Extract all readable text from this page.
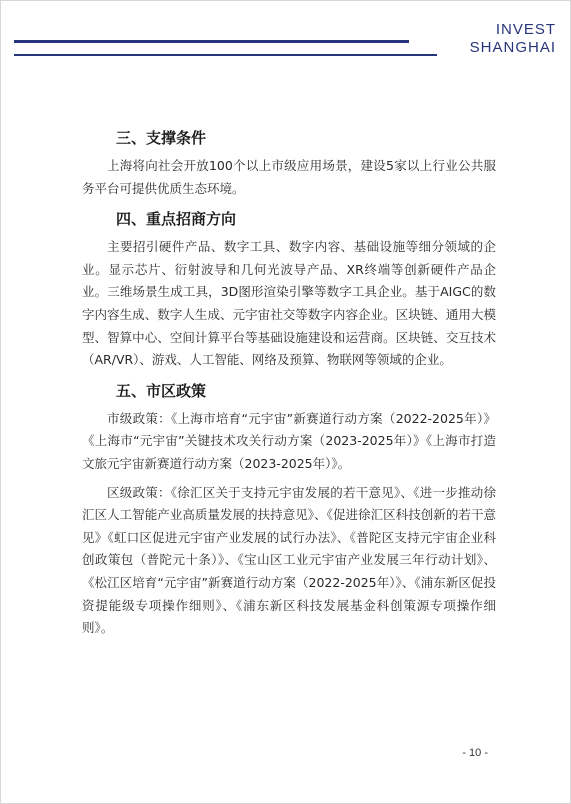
INVEST
SHANGHAI
三、支撑条件

上海将向社会开放100个以上市级应用场景，建设5家以上行业公共服务平台可提供优质生态环境。

四、重点招商方向

主要招引硬件产品、数字工具、数字内容、基础设施等细分领域的企业。显示芯片、衍射波导和几何光波导产品、XR终端等创新硬件产品企业。三维场景生成工具，3D图形渲染引擎等数字工具企业。基于AIGC的数字内容生成、数字人生成、元宇宙社交等数字内容企业。区块链、通用大模型、智算中心、空间计算平台等基础设施建设和运营商。区块链、交互技术（AR/VR）、游戏、人工智能、网络及预算、物联网等领域的企业。

五、市区政策

市级政策：《上海市培育“元宇宙”新赛道行动方案（2022-2025年）》《上海市“元宇宙”关键技术攻关行动方案（2023-2025年）》《上海市打造文旅元宇宙新赛道行动方案（2023-2025年）》。

区级政策：《徐汇区关于支持元宇宙发展的若干意见》、《进一步推动徐汇区人工智能产业高质量发展的扶持意见》、《促进徐汇区科技创新的若干意见》《虹口区促进元宇宙产业发展的试行办法》、《普陀区支持元宇宙企业科创政策包（普陀元十条）》、《宝山区工业元宇宙产业发展三年行动计划》、《松江区培育“元宇宙”新赛道行动方案（2022-2025年）》、《浦东新区促投资提能级专项操作细则》、《浦东新区科技发展基金科创策源专项操作细则》。

- 10 -
